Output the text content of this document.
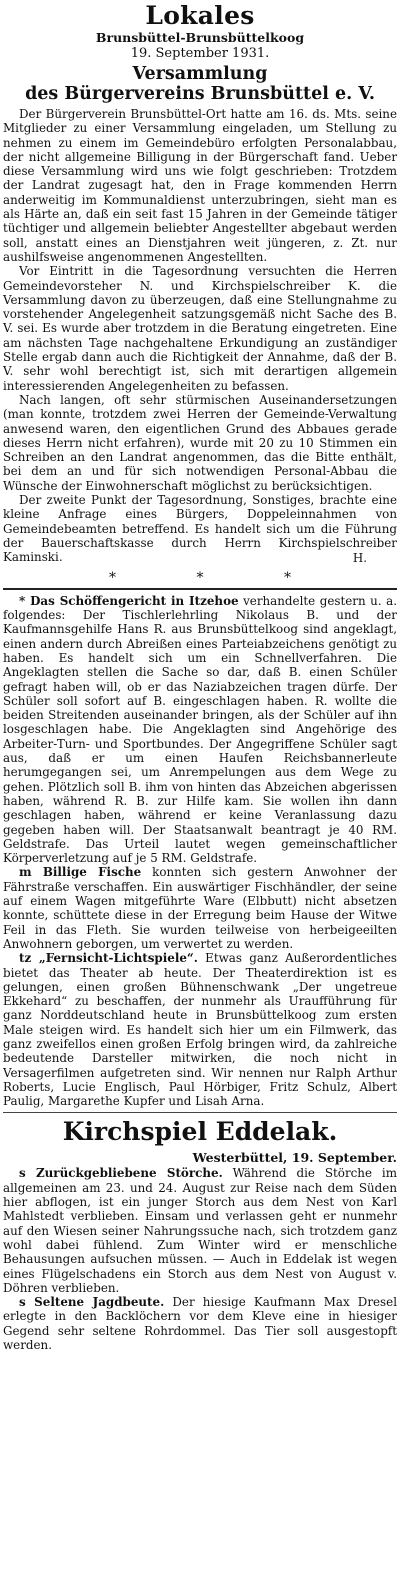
Lokales
Brunsbüttel-Brunsbüttelkoog
19. September 1931.
Versammlung
des Bürgervereins Brunsbüttel e. V.

Der Bürgerverein Brunsbüttel-Ort hatte am 16. ds. Mts. seine Mitglieder zu einer Versammlung eingeladen, um Stellung zu nehmen zu einem im Gemeindebüro erfolgten Personalabbau, der nicht allgemeine Billigung in der Bürgerschaft fand. Ueber diese Versammlung wird uns wie folgt geschrieben: Trotzdem der Landrat zugesagt hat, den in Frage kommenden Herrn anderweitig im Kommunaldienst unterzubringen, sieht man es als Härte an, daß ein seit fast 15 Jahren in der Gemeinde tätiger tüchtiger und allgemein beliebter Angestellter abgebaut werden soll, anstatt eines an Dienstjahren weit jüngeren, z. Zt. nur aushilfsweise angenommenen Angestellten.

Vor Eintritt in die Tagesordnung versuchten die Herren Gemeindevorsteher N. und Kirchspielschreiber K. die Versammlung davon zu überzeugen, daß eine Stellungnahme zu vorstehender Angelegenheit satzungsgemäß nicht Sache des B. V. sei. Es wurde aber trotzdem in die Beratung eingetreten. Eine am nächsten Tage nachgehaltene Erkundigung an zuständiger Stelle ergab dann auch die Richtigkeit der Annahme, daß der B. V. sehr wohl berechtigt ist, sich mit derartigen allgemein interessierenden Angelegenheiten zu befassen.

Nach langen, oft sehr stürmischen Auseinandersetzungen (man konnte, trotzdem zwei Herren der Gemeinde-Verwaltung anwesend waren, den eigentlichen Grund des Abbaues gerade dieses Herrn nicht erfahren), wurde mit 20 zu 10 Stimmen ein Schreiben an den Landrat angenommen, das die Bitte enthält, bei dem an und für sich notwendigen Personal-Abbau die Wünsche der Einwohnerschaft möglichst zu berücksichtigen.

Der zweite Punkt der Tagesordnung, Sonstiges, brachte eine kleine Anfrage eines Bürgers, Doppeleinnahmen von Gemeindebeamten betreffend. Es handelt sich um die Führung der Bauerschaftskasse durch Herrn Kirchspielschreiber Kaminski.	H.
* * *

* Das Schöffengericht in Itzehoe verhandelte gestern u. a. folgendes: Der Tischlerlehrling Nikolaus B. und der Kaufmannsgehilfe Hans R. aus Brunsbüttelkoog sind angeklagt, einen andern durch Abreißen eines Parteiabzeichens genötigt zu haben. Es handelt sich um ein Schnellverfahren. Die Angeklagten stellen die Sache so dar, daß B. einen Schüler gefragt haben will, ob er das Naziabzeichen tragen dürfe. Der Schüler soll sofort auf B. eingeschlagen haben. R. wollte die beiden Streitenden auseinander bringen, als der Schüler auf ihn losgeschlagen habe. Die Angeklagten sind Angehörige des Arbeiter-Turn- und Sportbundes. Der Angegriffene Schüler sagt aus, daß er um einen Haufen Reichsbannerleute herumgegangen sei, um Anrempelungen aus dem Wege zu gehen. Plötzlich soll B. ihm von hinten das Abzeichen abgerissen haben, während R. B. zur Hilfe kam. Sie wollen ihn dann geschlagen haben, während er keine Veranlassung dazu gegeben haben will. Der Staatsanwalt beantragt je 40 RM. Geldstrafe. Das Urteil lautet wegen gemeinschaftlicher Körperverletzung auf je 5 RM. Geldstrafe.

m Billige Fische konnten sich gestern Anwohner der Fährstraße verschaffen. Ein auswärtiger Fischhändler, der seine auf einem Wagen mitgeführte Ware (Elbbutt) nicht absetzen konnte, schüttete diese in der Erregung beim Hause der Witwe Feil in das Fleth. Sie wurden teilweise von herbeigeeilten Anwohnern geborgen, um verwertet zu werden.

tz „Fernsicht-Lichtspiele“. Etwas ganz Außerordentliches bietet das Theater ab heute. Der Theaterdirektion ist es gelungen, einen großen Bühnenschwank „Der ungetreue Ekkehard“ zu beschaffen, der nunmehr als Uraufführung für ganz Norddeutschland heute in Brunsbüttelkoog zum ersten Male steigen wird. Es handelt sich hier um ein Filmwerk, das ganz zweifellos einen großen Erfolg bringen wird, da zahlreiche bedeutende Darsteller mitwirken, die noch nicht in Versagerfilmen aufgetreten sind. Wir nennen nur Ralph Arthur Roberts, Lucie Englisch, Paul Hörbiger, Fritz Schulz, Albert Paulig, Margarethe Kupfer und Lisah Arna.

Kirchspiel Eddelak.
Westerbüttel, 19. September.

s Zurückgebliebene Störche. Während die Störche im allgemeinen am 23. und 24. August zur Reise nach dem Süden hier abflogen, ist ein junger Storch aus dem Nest von Karl Mahlstedt verblieben. Einsam und verlassen geht er nunmehr auf den Wiesen seiner Nahrungssuche nach, sich trotzdem ganz wohl dabei fühlend. Zum Winter wird er menschliche Behausungen aufsuchen müssen. — Auch in Eddelak ist wegen eines Flügelschadens ein Storch aus dem Nest von August v. Döhren verblieben.

s Seltene Jagdbeute. Der hiesige Kaufmann Max Dresel erlegte in den Backlöchern vor dem Kleve eine in hiesiger Gegend sehr seltene Rohrdommel. Das Tier soll ausgestopft werden.
